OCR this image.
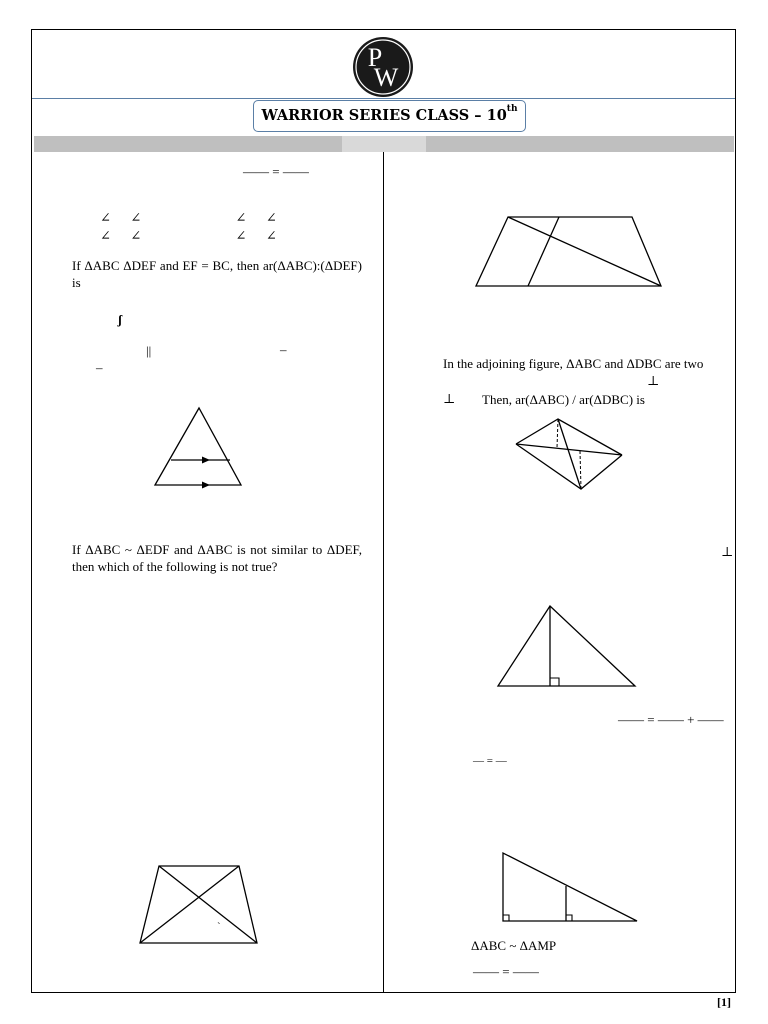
P
W
WARRIOR SERIES CLASS – 10th
—— = ——
∠      ∠                             ∠      ∠
∠      ∠                             ∠      ∠
If ΔABC ΔDEF and EF = BC, then ar(ΔABC):(ΔDEF) is
ʃ
||	–
–
If ΔABC ~ ΔEDF and ΔABC is not similar to ΔDEF, then which of the following is not true?
`
In the adjoining figure, ΔABC and ΔDBC are two
⊥
⊥ Then, ar(ΔABC) / ar(ΔDBC) is
⊥
—— = —— + ——
— = —
ΔABC ~ ΔAMP
—— = ——
[1]
